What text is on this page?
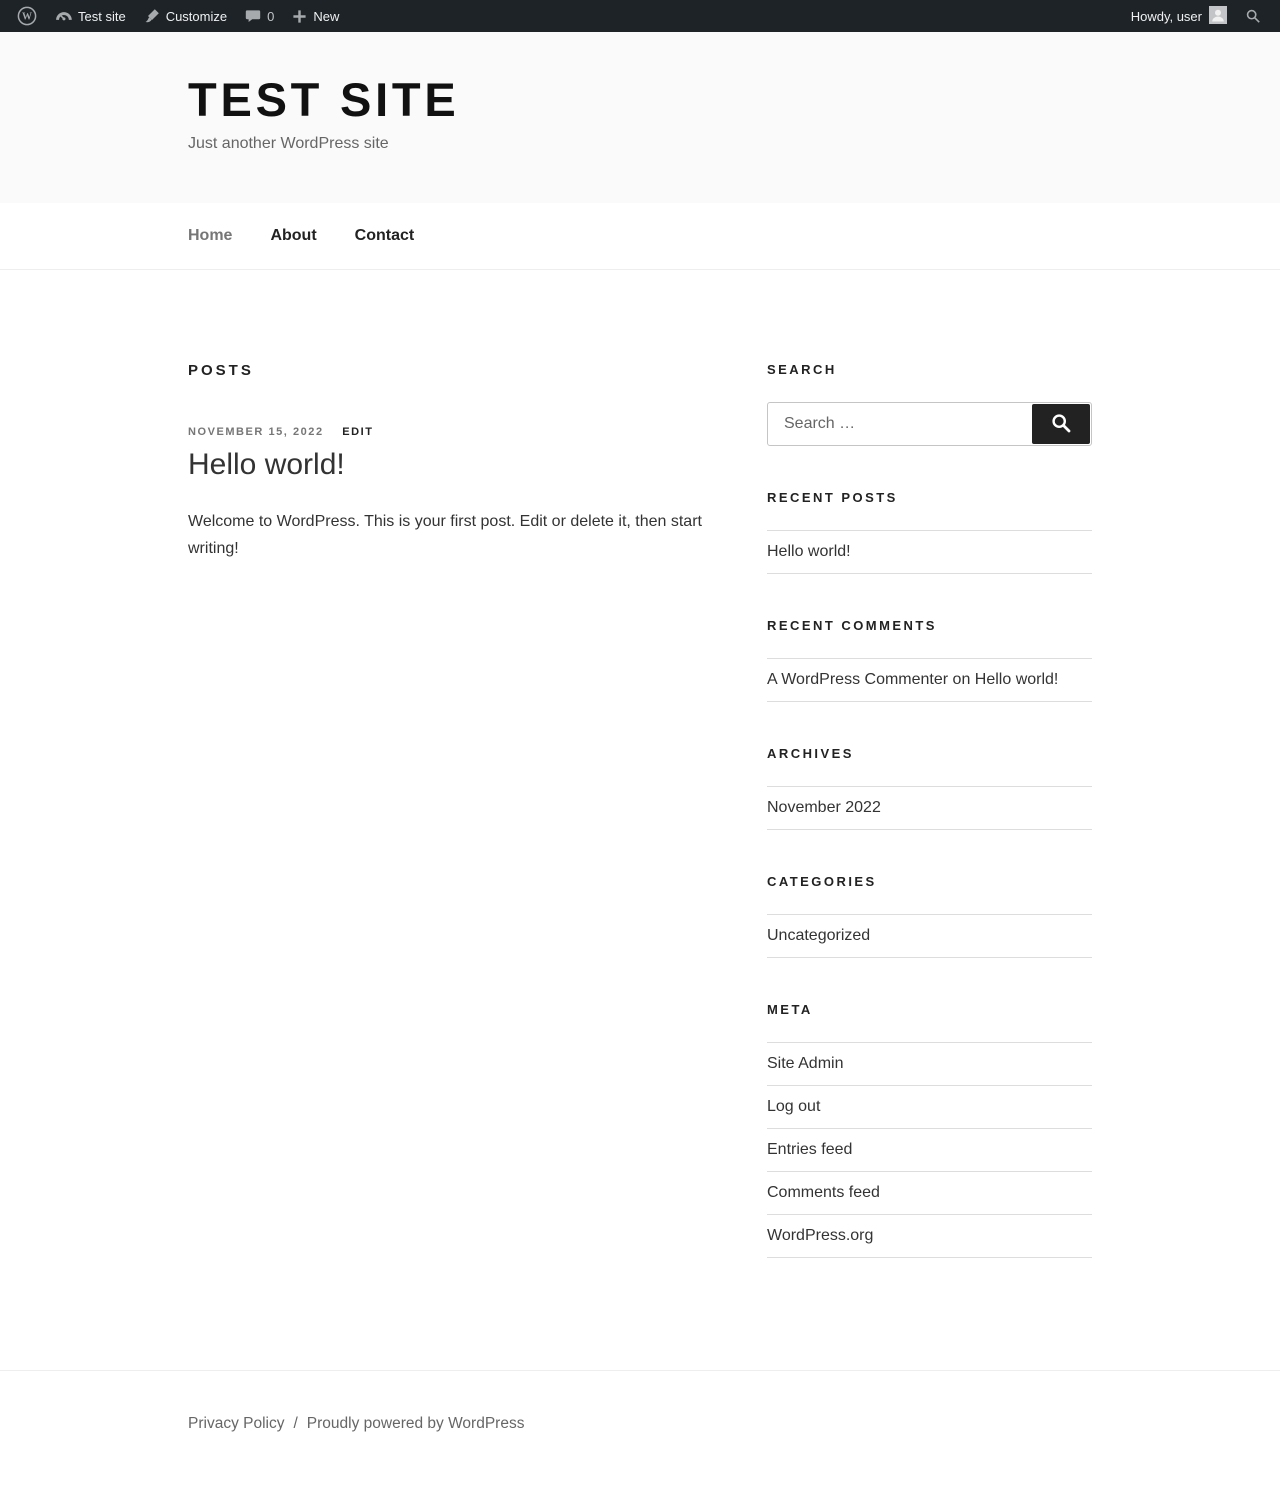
W	Test site	Customize	0	New	Howdy, user
TEST SITE

Just another WordPress site

Home About Contact
POSTS
NOVEMBER 15, 2022 EDIT
Hello world!

Welcome to WordPress. This is your first post. Edit or delete it, then start writing!

SEARCH
Search …
RECENT POSTS
Hello world!
RECENT COMMENTS
A WordPress Commenter on Hello world!
ARCHIVES
November 2022
CATEGORIES
Uncategorized
META
Site Admin
Log out
Entries feed
Comments feed
WordPress.org
Privacy Policy / Proudly powered by WordPress
